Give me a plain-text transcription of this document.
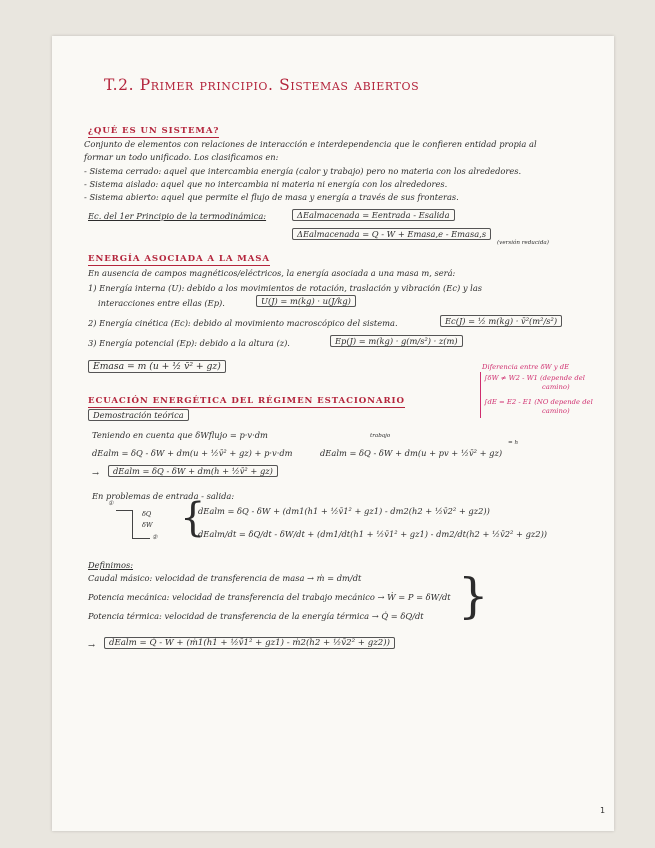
T.2. Primer principio. Sistemas abiertos
¿QUÉ ES UN SISTEMA?
Conjunto de elementos con relaciones de interacción e interdependencia que le confieren entidad propia al
formar un todo unificado. Los clasificamos en:
- Sistema cerrado: aquel que intercambia energía (calor y trabajo) pero no materia con los alrededores.
- Sistema aislado: aquel que no intercambia ni materia ni energía con los alrededores.
- Sistema abierto: aquel que permite el flujo de masa y energía a través de sus fronteras.
Ec. del 1er Principio de la termodinámica:	ΔEalmacenada = Eentrada - Esalida
ΔEalmacenada = Q - W + Emasa,e - Emasa,s
(versión reducida)
ENERGÍA ASOCIADA A LA MASA
En ausencia de campos magnéticos/eléctricos, la energía asociada a una masa m, será:
1) Energía interna (U): debido a los movimientos de rotación, traslación y vibración (Ec) y las
interacciones entre ellas (Ep).	U(J) = m(kg) · u(J/kg)
2) Energía cinética (Ec): debido al movimiento macroscópico del sistema.	Ec(J) = ½ m(kg) · v̄²(m²/s²)
3) Energía potencial (Ep): debido a la altura (z).	Ep(J) = m(kg) · g(m/s²) · z(m)
Emasa = m (u + ½ v̄² + gz)	Diferencia entre δW y dE
∫δW ≠ W2 - W1 (depende del
camino)
∫dE = E2 - E1 (NO depende del
camino)
ECUACIÓN ENERGÉTICA DEL RÉGIMEN ESTACIONARIO
Demostración teórica
Teniendo en cuenta que δWflujo = p·v·dm	trabajo
= h
dEalm = δQ - δW + dm(u + ½v̄² + gz) + p·v·dm	dEalm = δQ - δW + dm(u + pv + ½v̄² + gz)
→	dEalm = δQ - δW + dm(h + ½v̄² + gz)
En problemas de entrada - salida:
①
②
δQ
δW {
dEalm = δQ - δW + (dm1(h1 + ½v̄1² + gz1) - dm2(h2 + ½v̄2² + gz2))
dEalm/dt = δQ/dt - δW/dt + (dm1/dt(h1 + ½v̄1² + gz1) - dm2/dt(h2 + ½v̄2² + gz2))
Definimos:
Caudal másico: velocidad de transferencia de masa → ṁ = dm/dt
Potencia mecánica: velocidad de transferencia del trabajo mecánico → Ẇ = P = δW/dt
Potencia térmica: velocidad de transferencia de la energía térmica → Q̇ = δQ/dt }
→	dEalm = Q̇ - Ẇ + (ṁ1(h1 + ½v̄1² + gz1) - ṁ2(h2 + ½v̄2² + gz2))
1
